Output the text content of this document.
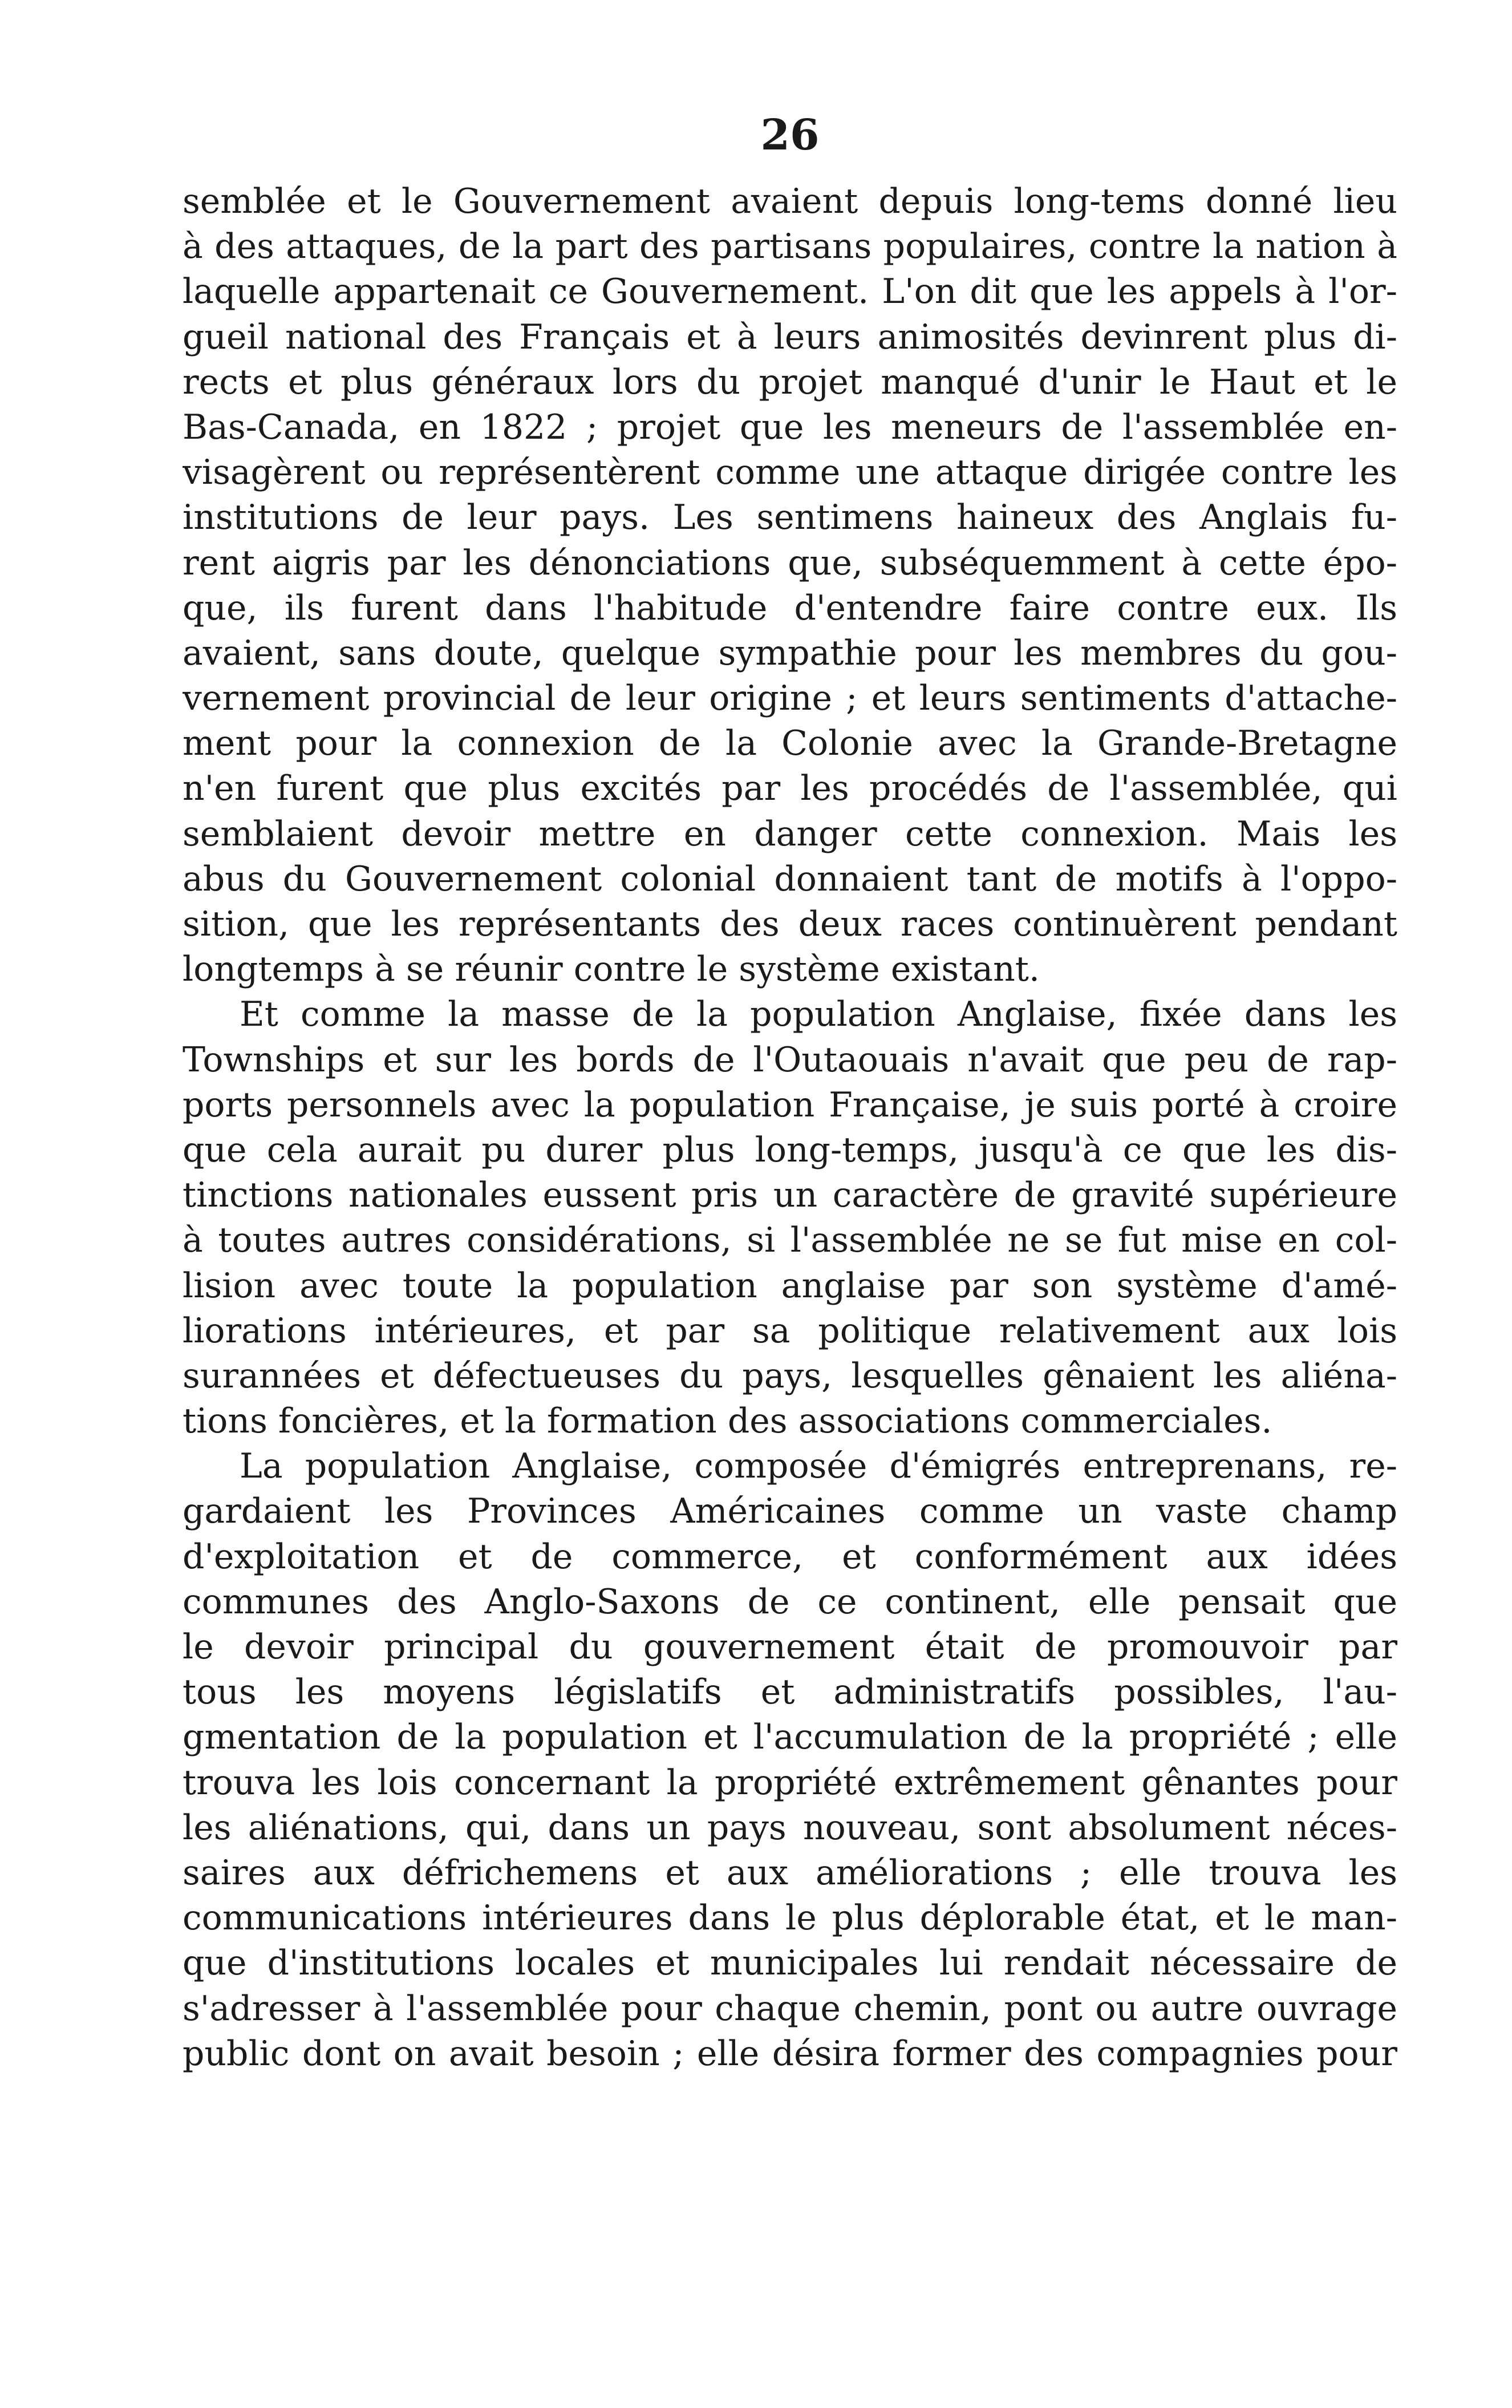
26
semblée et le Gouvernement avaient depuis long-tems donné lieu
à des attaques, de la part des partisans populaires, contre la nation à
laquelle appartenait ce Gouvernement. L'on dit que les appels à l'or-
gueil national des Français et à leurs animosités devinrent plus di-
rects et plus généraux lors du projet manqué d'unir le Haut et le
Bas-Canada, en 1822 ; projet que les meneurs de l'assemblée en-
visagèrent ou représentèrent comme une attaque dirigée contre les
institutions de leur pays. Les sentimens haineux des Anglais fu-
rent aigris par les dénonciations que, subséquemment à cette épo-
que, ils furent dans l'habitude d'entendre faire contre eux. Ils
avaient, sans doute, quelque sympathie pour les membres du gou-
vernement provincial de leur origine ; et leurs sentiments d'attache-
ment pour la connexion de la Colonie avec la Grande-Bretagne
n'en furent que plus excités par les procédés de l'assemblée, qui
semblaient devoir mettre en danger cette connexion. Mais les
abus du Gouvernement colonial donnaient tant de motifs à l'oppo-
sition, que les représentants des deux races continuèrent pendant
longtemps à se réunir contre le système existant.
Et comme la masse de la population Anglaise, fixée dans les
Townships et sur les bords de l'Outaouais n'avait que peu de rap-
ports personnels avec la population Française, je suis porté à croire
que cela aurait pu durer plus long-temps, jusqu'à ce que les dis-
tinctions nationales eussent pris un caractère de gravité supérieure
à toutes autres considérations, si l'assemblée ne se fut mise en col-
lision avec toute la population anglaise par son système d'amé-
liorations intérieures, et par sa politique relativement aux lois
surannées et défectueuses du pays, lesquelles gênaient les aliéna-
tions foncières, et la formation des associations commerciales.
La population Anglaise, composée d'émigrés entreprenans, re-
gardaient les Provinces Américaines comme un vaste champ
d'exploitation et de commerce, et conformément aux idées
communes des Anglo-Saxons de ce continent, elle pensait que
le devoir principal du gouvernement était de promouvoir par
tous les moyens législatifs et administratifs possibles, l'au-
gmentation de la population et l'accumulation de la propriété ; elle
trouva les lois concernant la propriété extrêmement gênantes pour
les aliénations, qui, dans un pays nouveau, sont absolument néces-
saires aux défrichemens et aux améliorations ; elle trouva les
communications intérieures dans le plus déplorable état, et le man-
que d'institutions locales et municipales lui rendait nécessaire de
s'adresser à l'assemblée pour chaque chemin, pont ou autre ouvrage
public dont on avait besoin ; elle désira former des compagnies pour
